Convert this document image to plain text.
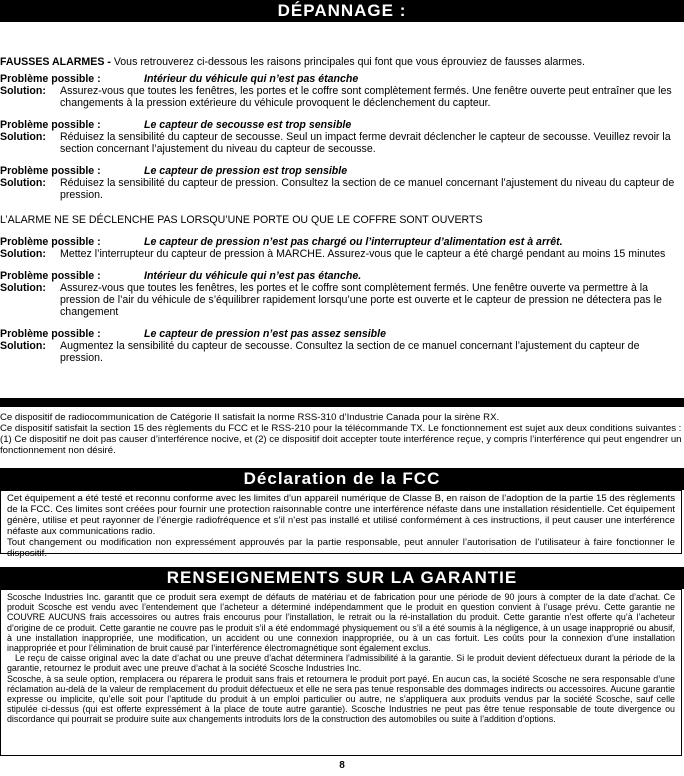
DÉPANNAGE :
FAUSSES ALARMES - Vous retrouverez ci-dessous les raisons principales qui font que vous éprouviez de fausses alarmes.
Problème possible :	Intérieur du véhicule qui n’est pas étanche
Solution:	Assurez-vous que toutes les fenêtres, les portes et le coffre sont complètement fermés. Une fenêtre ouverte peut entraîner que les changements à la pression extérieure du véhicule provoquent le déclenchement du capteur.
Problème possible :	Le capteur de secousse est trop sensible
Solution:	Réduisez la sensibilité du capteur de secousse. Seul un impact ferme devrait déclencher le capteur de secousse. Veuillez revoir la section concernant l’ajustement du niveau du capteur de secousse.
Problème possible :	Le capteur de pression est trop sensible
Solution:	Réduisez la sensibilité du capteur de pression. Consultez la section de ce manuel concernant l’ajustement du niveau du capteur de pression.
L’ALARME NE SE DÉCLENCHE PAS LORSQU’UNE PORTE OU QUE LE COFFRE SONT OUVERTS
Problème possible :	Le capteur de pression n’est pas chargé ou l’interrupteur d’alimentation est à arrêt.
Solution:	Mettez l’interrupteur du capteur de pression à MARCHE. Assurez-vous que le capteur a été chargé pendant au moins 15 minutes
Problème possible :	Intérieur du véhicule qui n’est pas étanche.
Solution:	Assurez-vous que toutes les fenêtres, les portes et le coffre sont complètement fermés. Une fenêtre ouverte va permettre à la pression de l’air du véhicule de s’équilibrer rapidement lorsqu’une porte est ouverte et le capteur de pression ne détectera pas le changement
Problème possible :	Le capteur de pression n’est pas assez sensible
Solution:	Augmentez la sensibilité du capteur de secousse. Consultez la section de ce manuel concernant l’ajustement du capteur de pression.
Ce dispositif de radiocommunication de Catégorie II satisfait la norme RSS-310 d’Industrie Canada pour la sirène RX.
Ce dispositif satisfait la section 15 des règlements du FCC et le RSS-210 pour la télécommande TX. Le fonctionnement est sujet aux deux conditions suivantes : (1) Ce dispositif ne doit pas causer d’interférence nocive, et (2) ce dispositif doit accepter toute interférence reçue, y compris l’interférence qui peut engendrer un fonctionnement non désiré.
Déclaration de la FCC
Cet équipement a été testé et reconnu conforme avec les limites d’un appareil numérique de Classe B, en raison de l’adoption de la partie 15 des règlements de la FCC. Ces limites sont créées pour fournir une protection raisonnable contre une interférence néfaste dans une installation résidentielle. Cet équipement génère, utilise et peut rayonner de l’énergie radiofréquence et s’il n’est pas installé et utilisé conformément à ces instructions, il peut causer une interférence néfaste aux communications radio.
Tout changement ou modification non expressément approuvés par la partie responsable, peut annuler l’autorisation de l’utilisateur à faire fonctionner le dispositif.
RENSEIGNEMENTS SUR LA GARANTIE
Scosche Industries Inc. garantit que ce produit sera exempt de défauts de matériau et de fabrication pour une période de 90 jours à compter de la date d’achat. Ce produit Scosche est vendu avec l’entendement que l’acheteur a déterminé indépendamment que le produit en question convient à l’usage prévu. Cette garantie ne COUVRE AUCUNS frais accessoires ou autres frais encourus pour l’installation, le retrait ou la ré-installation du produit. Cette garantie n’est offerte qu’à l’acheteur d’origine de ce produit. Cette garantie ne couvre pas le produit s’il a été endommagé physiquement ou s’il a été soumis à la négligence, à un usage inapproprié ou abusif, à une installation inappropriée, une modification, un accident ou une connexion inappropriée, ou à un cas fortuit. Les coûts pour la connexion d’une installation inappropriée et pour l’élimination de bruit causé par l’interférence électromagnétique sont également exclus.
Le reçu de caisse original avec la date d’achat ou une preuve d’achat déterminera l’admissibilité à la garantie. Si le produit devient défectueux durant la période de la garantie, retournez le produit avec une preuve d’achat à la société Scosche Industries Inc.
Scosche, à sa seule option, remplacera ou réparera le produit sans frais et retournera le produit port payé. En aucun cas, la société Scosche ne sera responsable d’une réclamation au-delà de la valeur de remplacement du produit défectueux et elle ne sera pas tenue responsable des dommages indirects ou accessoires. Aucune garantie expresse ou implicite, qu’elle soit pour l’aptitude du produit à un emploi particulier ou autre, ne s’appliquera aux produits vendus par la société Scosche, sauf celle stipulée ci-dessus (qui est offerte expressément à la place de toute autre garantie). Scosche Industries ne peut pas être tenue responsable de toute divergence ou discordance qui pourrait se produire suite aux changements introduits lors de la construction des automobiles ou suite à l’addition d’options.
8
